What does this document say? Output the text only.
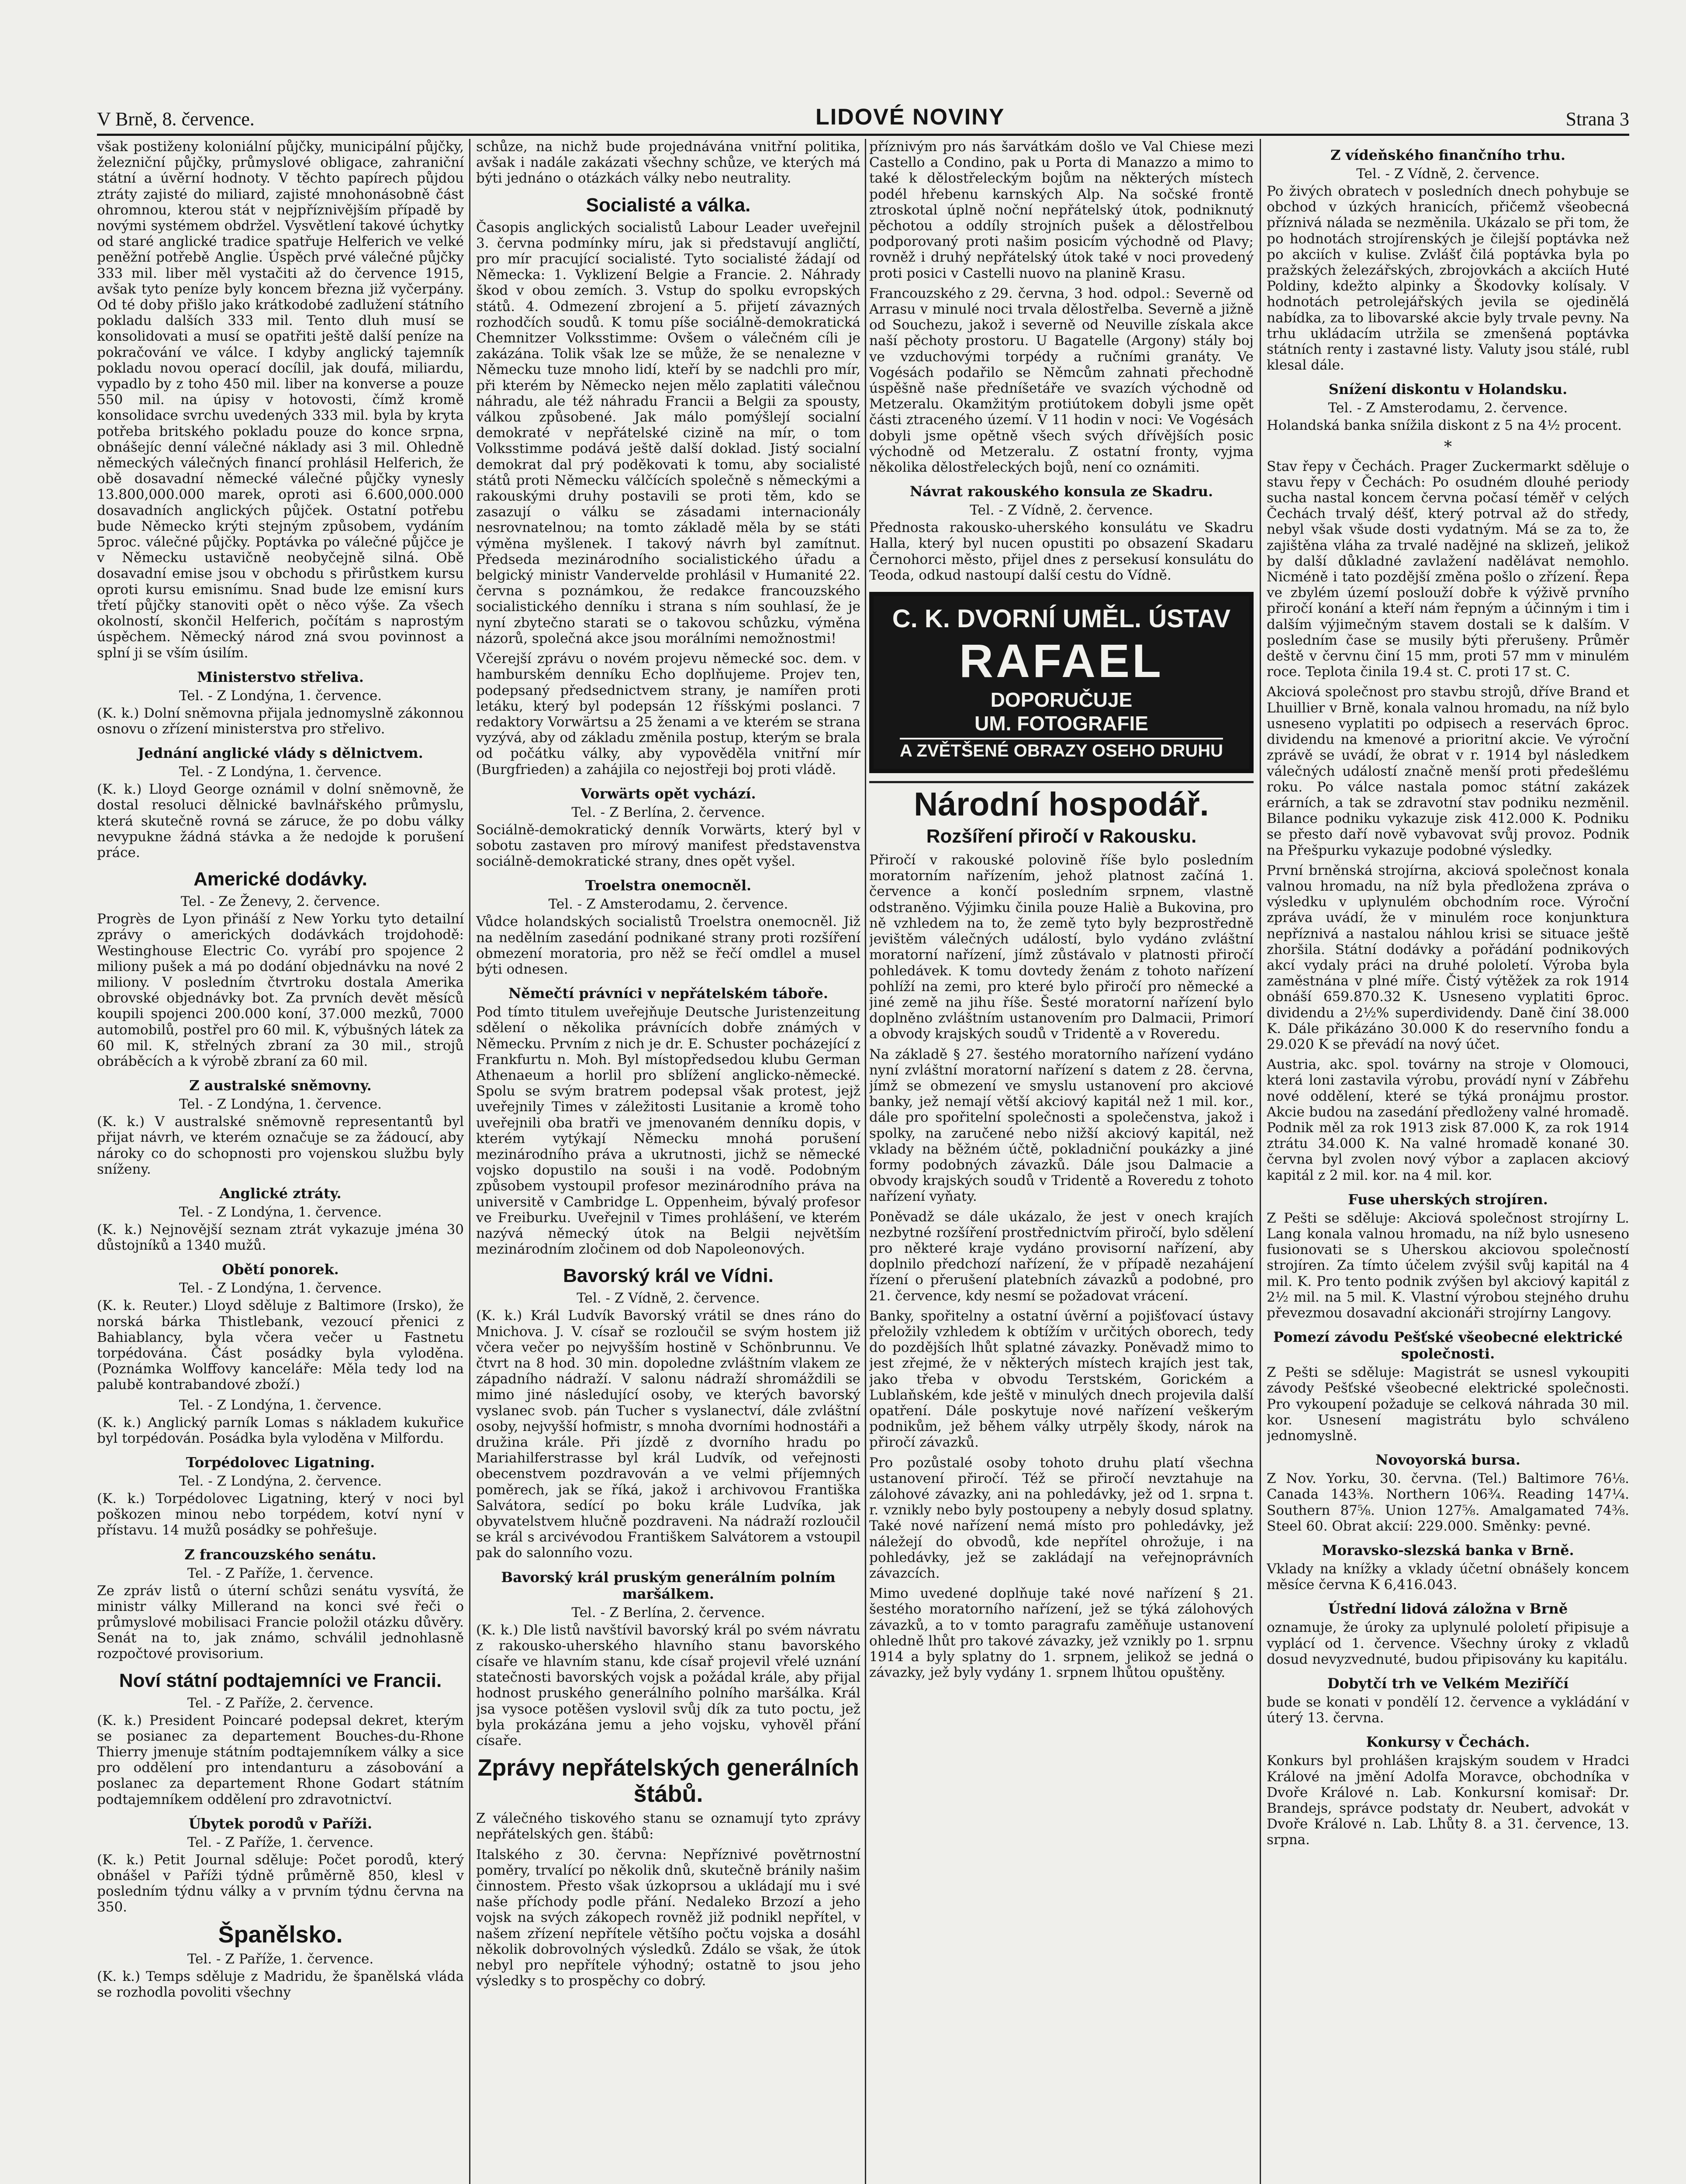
V Brně, 8. července.	LIDOVÉ NOVINY	Strana 3

však postiženy koloniální půjčky, municipální půjčky, železniční půjčky, průmyslové obligace, zahraniční státní a úvěrní hodnoty. V těchto papírech půjdou ztráty zajisté do miliard, zajisté mnohonásobně část ohromnou, kterou stát v nejpříznivějším případě by novými systémem obdržel. Vysvětlení takové úchytky od staré anglické tradice spatřuje Helferich ve velké peněžní potřebě Anglie. Úspěch prvé válečné půjčky 333 mil. liber měl vystačiti až do července 1915, avšak tyto peníze byly koncem března již vyčerpány. Od té doby přišlo jako krátkodobé zadlužení státního pokladu dalších 333 mil. Tento dluh musí se konsolidovati a musí se opatřiti ještě další peníze na pokračování ve válce. I kdyby anglický tajemník pokladu novou operací docílil, jak doufá, miliardu, vypadlo by z toho 450 mil. liber na konverse a pouze 550 mil. na úpisy v hotovosti, čímž kromě konsolidace svrchu uvedených 333 mil. byla by kryta potřeba britského pokladu pouze do konce srpna, obnášejíc denní válečné náklady asi 3 mil. Ohledně německých válečných financí prohlásil Helferich, že obě dosavadní německé válečné půjčky vynesly 13.800,000.000 marek, oproti asi 6.600,000.000 dosavadních anglických půjček. Ostatní potřebu bude Německo krýti stejným způsobem, vydáním 5proc. válečné půjčky. Poptávka po válečné půjčce je v Německu ustavičně neobyčejně silná. Obě dosavadní emise jsou v obchodu s přirůstkem kursu oproti kursu emisnímu. Snad bude lze emisní kurs třetí půjčky stanoviti opět o něco výše. Za všech okolností, skončil Helferich, počítám s naprostým úspěchem. Německý národ zná svou povinnost a splní ji se vším úsilím.

Ministerstvo střeliva.
Tel. - Z Londýna, 1. července.

(K. k.) Dolní sněmovna přijala jednomyslně zákonnou osnovu o zřízení ministerstva pro střelivo.

Jednání anglické vlády s dělnictvem.
Tel. - Z Londýna, 1. července.

(K. k.) Lloyd George oznámil v dolní sněmovně, že dostal resoluci dělnické bavlnářského průmyslu, která skutečně rovná se záruce, že po dobu války nevypukne žádná stávka a že nedojde k porušení práce.

Americké dodávky.
Tel. - Ze Ženevy, 2. července.

Progrès de Lyon přináší z New Yorku tyto detailní zprávy o amerických dodávkách trojdohodě: Westinghouse Electric Co. vyrábí pro spojence 2 miliony pušek a má po dodání objednávku na nové 2 miliony. V posledním čtvrtroku dostala Amerika obrovské objednávky bot. Za prvních devět měsíců koupili spojenci 200.000 koní, 37.000 mezků, 7000 automobilů, postřel pro 60 mil. K, výbušných látek za 60 mil. K, střelných zbraní za 30 mil., strojů obráběcích a k výrobě zbraní za 60 mil.

Z australské sněmovny.
Tel. - Z Londýna, 1. července.

(K. k.) V australské sněmovně representantů byl přijat návrh, ve kterém označuje se za žádoucí, aby nároky co do schopnosti pro vojenskou službu byly sníženy.

Anglické ztráty.
Tel. - Z Londýna, 1. července.

(K. k.) Nejnovější seznam ztrát vykazuje jména 30 důstojníků a 1340 mužů.

Obětí ponorek.
Tel. - Z Londýna, 1. července.

(K. k. Reuter.) Lloyd sděluje z Baltimore (Irsko), že norská bárka Thistlebank, vezoucí přenici z Bahiablancy, byla včera večer u Fastnetu torpédována. Část posádky byla vyloděna. (Poznámka Wolffovy kanceláře: Měla tedy lod na palubě kontrabandové zboží.)

Tel. - Z Londýna, 1. července.

(K. k.) Anglický parník Lomas s nákladem kukuřice byl torpédován. Posádka byla vyloděna v Milfordu.

Torpédolovec Ligatning.
Tel. - Z Londýna, 2. července.

(K. k.) Torpédolovec Ligatning, který v noci byl poškozen minou nebo torpédem, kotví nyní v přístavu. 14 mužů posádky se pohřešuje.

Z francouzského senátu.
Tel. - Z Paříže, 1. července.

Ze zpráv listů o úterní schůzi senátu vysvítá, že ministr války Millerand na konci své řeči o průmyslové mobilisaci Francie položil otázku důvěry. Senát na to, jak známo, schválil jednohlasně rozpočtové provisorium.

Noví státní podtajemníci ve Francii.
Tel. - Z Paříže, 2. července.

(K. k.) President Poincaré podepsal dekret, kterým se posianec za departement Bouches-du-Rhone Thierry jmenuje státním podtajemníkem války a sice pro oddělení pro intendanturu a zásobování a poslanec za departement Rhone Godart státním podtajemníkem oddělení pro zdravotnictví.

Úbytek porodů v Paříži.
Tel. - Z Paříže, 1. července.

(K. k.) Petit Journal sděluje: Počet porodů, který obnášel v Paříži týdně průměrně 850, klesl v posledním týdnu války a v prvním týdnu června na 350.

Španělsko.
Tel. - Z Paříže, 1. července.

(K. k.) Temps sděluje z Madridu, že španělská vláda se rozhodla povoliti všechny

schůze, na nichž bude projednávána vnitřní politika, avšak i nadále zakázati všechny schůze, ve kterých má býti jednáno o otázkách války nebo neutrality.

Socialisté a válka.

Časopis anglických socialistů Labour Leader uveřejnil 3. června podmínky míru, jak si představují angličtí, pro mír pracující socialisté. Tyto socialisté žádají od Německa: 1. Vyklizení Belgie a Francie. 2. Náhrady škod v obou zemích. 3. Vstup do spolku evropských států. 4. Odmezení zbrojení a 5. přijetí závazných rozhodčích soudů. K tomu píše sociálně-demokratická Chemnitzer Volksstimme: Ovšem o válečném cíli je zakázána. Tolik však lze se může, že se nenalezne v Německu tuze mnoho lidí, kteří by se nadchli pro mír, při kterém by Německo nejen mělo zaplatiti válečnou náhradu, ale též náhradu Francii a Belgii za spousty, válkou způsobené. Jak málo pomýšlejí socialní demokraté v nepřátelské cizině na mír, o tom Volksstimme podává ještě další doklad. Jistý socialní demokrat dal prý poděkovati k tomu, aby socialisté států proti Německu válčících společně s německými a rakouskými druhy postavili se proti těm, kdo se zasazují o válku se zásadami internacionály nesrovnatelnou; na tomto základě měla by se státi výměna myšlenek. I takový návrh byl zamítnut. Předseda mezinárodního socialistického úřadu a belgický ministr Vandervelde prohlásil v Humanité 22. června s poznámkou, že redakce francouzského socialistického denníku i strana s ním souhlasí, že je nyní zbytečno starati se o takovou schůzku, výměna názorů, společná akce jsou morálními nemožnostmi!

Včerejší zprávu o novém projevu německé soc. dem. v hamburském denníku Echo doplňujeme. Projev ten, podepsaný předsednictvem strany, je namířen proti letáku, který byl podepsán 12 říšskými poslanci. 7 redaktory Vorwärtsu a 25 ženami a ve kterém se strana vyzývá, aby od základu změnila postup, kterým se brala od počátku války, aby vypověděla vnitřní mír (Burgfrieden) a zahájila co nejostřeji boj proti vládě.

Vorwärts opět vychází.
Tel. - Z Berlína, 2. července.

Sociálně-demokratický denník Vorwärts, který byl v sobotu zastaven pro mírový manifest představenstva sociálně-demokratické strany, dnes opět vyšel.

Troelstra onemocněl.
Tel. - Z Amsterodamu, 2. července.

Vůdce holandských socialistů Troelstra onemocněl. Již na nedělním zasedání podnikané strany proti rozšíření obmezení moratoria, pro něž se řečí omdlel a musel býti odnesen.

Němečtí právníci v nepřátelském táboře.

Pod tímto titulem uveřejňuje Deutsche Juristenzeitung sdělení o několika právnících dobře známých v Německu. Prvním z nich je dr. E. Schuster pocházející z Frankfurtu n. Moh. Byl místopředsedou klubu German Athenaeum a horlil pro sblížení anglicko-německé. Spolu se svým bratrem podepsal však protest, jejž uveřejnily Times v záležitosti Lusitanie a kromě toho uveřejnili oba bratři ve jmenovaném denníku dopis, v kterém vytýkají Německu mnohá porušení mezinárodního práva a ukrutnosti, jichž se německé vojsko dopustilo na souši i na vodě. Podobným způsobem vystoupil profesor mezinárodního práva na universitě v Cambridge L. Oppenheim, bývalý profesor ve Freiburku. Uveřejnil v Times prohlášení, ve kterém nazývá německý útok na Belgii největším mezinárodním zločinem od dob Napoleonových.

Bavorský král ve Vídni.
Tel. - Z Vídně, 2. července.

(K. k.) Král Ludvík Bavorský vrátil se dnes ráno do Mnichova. J. V. císař se rozloučil se svým hostem již včera večer po nejvyšším hostině v Schönbrunnu. Ve čtvrt na 8 hod. 30 min. dopoledne zvláštním vlakem ze západního nádraží. V salonu nádraží shromáždili se mimo jiné následující osoby, ve kterých bavorský vyslanec svob. pán Tucher s vyslanectví, dále zvláštní osoby, nejvyšší hofmistr, s mnoha dvorními hodnostáři a družina krále. Při jízdě z dvorního hradu po Mariahilferstrasse byl král Ludvík, od veřejnosti obecenstvem pozdravován a ve velmi příjemných poměrech, jak se říká, jakož i archivovou Františka Salvátora, sedící po boku krále Ludvíka, jak obyvatelstvem hlučně pozdraveni. Na nádraží rozloučil se král s arcivévodou Františkem Salvátorem a vstoupil pak do salonního vozu.

Bavorský král pruským generálním polním maršálkem.
Tel. - Z Berlína, 2. července.

(K. k.) Dle listů navštívil bavorský král po svém návratu z rakousko-uherského hlavního stanu bavorského císaře ve hlavním stanu, kde císař projevil vřelé uznání statečnosti bavorských vojsk a požádal krále, aby přijal hodnost pruského generálního polního maršálka. Král jsa vysoce potěšen vyslovil svůj dík za tuto poctu, jež byla prokázána jemu a jeho vojsku, vyhověl přání císaře.

Zprávy nepřátelských generálních štábů.

Z válečného tiskového stanu se oznamují tyto zprávy nepřátelských gen. štábů:

Italského z 30. června: Nepříznivé povětrnostní poměry, trvalící po několik dnů, skutečně bránily našim činnostem. Přesto však úzkoprsou a ukládají mu i své naše příchody podle přání. Nedaleko Brzozí a jeho vojsk na svých zákopech rovněž již podnikl nepřítel, v našem zřízení nepřítele většího počtu vojska a dosáhl několik dobrovolných výsledků. Zdálo se však, že útok nebyl pro nepřítele výhodný; ostatně to jsou jeho výsledky s to prospěchy co dobrý.

příznivým pro nás šarvátkám došlo ve Val Chiese mezi Castello a Condino, pak u Porta di Manazzo a mimo to také k dělostřeleckým bojům na některých místech podél hřebenu karnských Alp. Na sočské frontě ztroskotal úplně noční nepřátelský útok, podniknutý pěchotou a oddíly strojních pušek a dělostřelbou podporovaný proti našim posicím východně od Plavy; rovněž i druhý nepřátelský útok také v noci provedený proti posici v Castelli nuovo na planině Krasu.

Francouzského z 29. června, 3 hod. odpol.: Severně od Arrasu v minulé noci trvala dělostřelba. Severně a jižně od Souchezu, jakož i severně od Neuville získala akce naší pěchoty prostoru. U Bagatelle (Argony) stály boj ve vzduchovými torpédy a ručními granáty. Ve Vogésách podařilo se Němcům zahnati přechodně úspěšně naše předníšetáře ve svazích východně od Metzeralu. Okamžitým protiútokem dobyli jsme opět části ztraceného území. V 11 hodin v noci: Ve Vogésách dobyli jsme opětně všech svých dřívějších posic východně od Metzeralu. Z ostatní fronty, vyjma několika dělostřeleckých bojů, není co oznámiti.

Návrat rakouského konsula ze Skadru.
Tel. - Z Vídně, 2. července.

Přednosta rakousko-uherského konsulátu ve Skadru Halla, který byl nucen opustiti po obsazení Skadaru Černohorci město, přijel dnes z persekusí konsulátu do Teoda, odkud nastoupí další cestu do Vídně.

C. K. DVORNÍ UMĚL. ÚSTAV
RAFAEL
DOPORUČUJE
UM. FOTOGRAFIE
A ZVĚTŠENÉ OBRAZY OSEHO DRUHU
Národní hospodář.
Rozšíření přiročí v Rakousku.

Přiročí v rakouské polovině říše bylo posledním moratorním nařízením, jehož platnost začíná 1. července a končí posledním srpnem, vlastně odstraněno. Výjimku činila pouze Haliè a Bukovina, pro ně vzhledem na to, že země tyto byly bezprostředně jevištěm válečných událostí, bylo vydáno zvláštní moratorní nařízení, jímž zůstávalo v platnosti přiročí pohledávek. K tomu dovtedy ženám z tohoto nařízení pohlíží na zemi, pro které bylo přiročí pro německé a jiné země na jihu říše. Šesté moratorní nařízení bylo doplněno zvláštním ustanovením pro Dalmacii, Primorí a obvody krajských soudů v Tridentě a v Roveredu.

Na základě § 27. šestého moratorního nařízení vydáno nyní zvláštní moratorní nařízení s datem z 28. června, jímž se obmezení ve smyslu ustanovení pro akciové banky, jež nemají větší akciový kapitál než 1 mil. kor., dále pro spořitelní společnosti a společenstva, jakož i spolky, na zaručené nebo nižší akciový kapitál, než vklady na běžném účtě, pokladniční poukázky a jiné formy podobných závazků. Dále jsou Dalmacie a obvody krajských soudů v Tridentě a Roveredu z tohoto nařízení vyňaty.

Poněvadž se dále ukázalo, že jest v onech krajích nezbytné rozšíření prostřednictvím přiročí, bylo sdělení pro některé kraje vydáno provisorní nařízení, aby doplnilo předchozí nařízení, že v případě nezahájení řízení o přerušení platebních závazků a podobné, pro 21. července, kdy nesmí se požadovat vrácení.

Banky, spořitelny a ostatní úvěrní a pojišťovací ústavy přeložily vzhledem k obtížím v určitých oborech, tedy do pozdějších lhůt splatné závazky. Poněvadž mimo to jest zřejmé, že v některých místech krajích jest tak, jako třeba v obvodu Terstském, Gorickém a Lublaňském, kde ještě v minulých dnech projevila další opatření. Dále poskytuje nové nařízení veškerým podnikům, jež během války utrpěly škody, nárok na přiročí závazků.

Pro pozůstalé osoby tohoto druhu platí všechna ustanovení přiročí. Též se přiročí nevztahuje na zálohové závazky, ani na pohledávky, jež od 1. srpna t. r. vznikly nebo byly postoupeny a nebyly dosud splatny. Také nové nařízení nemá místo pro pohledávky, jež náležejí do obvodů, kde nepřítel ohrožuje, i na pohledávky, jež se zakládají na veřejnoprávních závazcích.

Mimo uvedené doplňuje také nové nařízení § 21. šestého moratorního nařízení, jež se týká zálohových závazků, a to v tomto paragrafu zaměňuje ustanovení ohledně lhůt pro takové závazky, jež vznikly po 1. srpnu 1914 a byly splatny do 1. srpnem, jelikož se jedná o závazky, jež byly vydány 1. srpnem lhůtou opuštěny.

Z vídeňského finančního trhu.
Tel. - Z Vídně, 2. července.

Po živých obratech v posledních dnech pohybuje se obchod v úzkých hranicích, přičemž všeobecná příznivá nálada se nezměnila. Ukázalo se při tom, že po hodnotách strojírenských je čilejší poptávka než po akciích v kulise. Zvlášť čilá poptávka byla po pražských železářských, zbrojovkách a akciích Huté Poldiny, kdežto alpinky a Škodovky kolísaly. V hodnotách petrolejářských jevila se ojedinělá nabídka, za to libovarské akcie byly trvale pevny. Na trhu ukládacím utržila se zmenšená poptávka státních renty i zastavné listy. Valuty jsou stálé, rubl klesal dále.

Snížení diskontu v Holandsku.
Tel. - Z Amsterodamu, 2. července.

Holandská banka snížila diskont z 5 na 4½ procent.

*

Stav řepy v Čechách. Prager Zuckermarkt sděluje o stavu řepy v Čechách: Po osudném dlouhé periody sucha nastal koncem června počasí téměř v celých Čechách trvalý déšť, který potrval až do středy, nebyl však všude dosti vydatným. Má se za to, že zajištěna vláha za trvalé nadějné na sklizeň, jelikož by další důkladné zavlažení nadělávat nemohlo. Nicméně i tato pozdější změna pošlo o zřízení. Řepa ve zbylém území poslouží dobře k výživě prvního přiročí konání a kteří nám řepným a účinným i tim i dalším výjimečným stavem dostali se k dalším. V posledním čase se musily býti přerušeny. Průměr deště v červnu činí 15 mm, proti 57 mm v minulém roce. Teplota činila 19.4 st. C. proti 17 st. C.

Akciová společnost pro stavbu strojů, dříve Brand et Lhuillier v Brně, konala valnou hromadu, na níž bylo usneseno vyplatiti po odpisech a reservách 6proc. dividendu na kmenové a prioritní akcie. Ve výroční zprávě se uvádí, že obrat v r. 1914 byl následkem válečných událostí značně menší proti předešlému roku. Po válce nastala pomoc státní zakázek erárních, a tak se zdravotní stav podniku nezměnil. Bilance podniku vykazuje zisk 412.000 K. Podniku se přesto daří nově vybavovat svůj provoz. Podnik na Přešpurku vykazuje podobné výsledky.

První brněnská strojírna, akciová společnost konala valnou hromadu, na níž byla předložena zpráva o výsledku v uplynulém obchodním roce. Výroční zpráva uvádí, že v minulém roce konjunktura nepříznivá a nastalou náhlou krisi se situace ještě zhoršila. Státní dodávky a pořádání podnikových akcí vydaly práci na druhé pololetí. Výroba byla zaměstnána v plné míře. Čistý výtěžek za rok 1914 obnáší 659.870.32 K. Usneseno vyplatiti 6proc. dividendu a 2½% superdividendy. Daně činí 38.000 K. Dále přikázáno 30.000 K do reservního fondu a 29.020 K se převádí na nový účet.

Austria, akc. spol. továrny na stroje v Olomouci, která loni zastavila výrobu, provádí nyní v Zábřehu nové oddělení, které se týká pronájmu prostor. Akcie budou na zasedání předloženy valné hromadě. Podnik měl za rok 1913 zisk 87.000 K, za rok 1914 ztrátu 34.000 K. Na valné hromadě konané 30. června byl zvolen nový výbor a zaplacen akciový kapitál z 2 mil. kor. na 4 mil. kor.

Fuse uherských strojíren.

Z Pešti se sděluje: Akciová společnost strojírny L. Lang konala valnou hromadu, na níž bylo usneseno fusionovati se s Uherskou akciovou společností strojíren. Za tímto účelem zvýšil svůj kapitál na 4 mil. K. Pro tento podnik zvýšen byl akciový kapitál z 2½ mil. na 5 mil. K. Vlastní výrobou stejného druhu převezmou dosavadní akcionáři strojírny Langovy.

Pomezí závodu Pešťské všeobecné elektrické společnosti.

Z Pešti se sděluje: Magistrát se usnesl vykoupiti závody Pešťské všeobecné elektrické společnosti. Pro vykoupení požaduje se celková náhrada 30 mil. kor. Usnesení magistrátu bylo schváleno jednomyslně.

Novoyorská bursa.

Z Nov. Yorku, 30. června. (Tel.) Baltimore 76⅛. Canada 143⅜. Northern 106¾. Reading 147¼. Southern 87⅝. Union 127⅝. Amalgamated 74⅜. Steel 60. Obrat akcií: 229.000. Směnky: pevné.

Moravsko-slezská banka v Brně.

Vklady na knížky a vklady účetní obnášely koncem měsíce června K 6,416.043.

Ústřední lidová záložna v Brně

oznamuje, že úroky za uplynulé pololetí připisuje a vyplácí od 1. července. Všechny úroky z vkladů dosud nevyzvednuté, budou připisovány ku kapitálu.

Dobytčí trh ve Velkém Meziříčí

bude se konati v pondělí 12. července a vykládání v úterý 13. června.

Konkursy v Čechách.

Konkurs byl prohlášen krajským soudem v Hradci Králové na jmění Adolfa Moravce, obchodníka v Dvoře Králové n. Lab. Konkursní komisař: Dr. Brandejs, správce podstaty dr. Neubert, advokát v Dvoře Králové n. Lab. Lhůty 8. a 31. července, 13. srpna.
